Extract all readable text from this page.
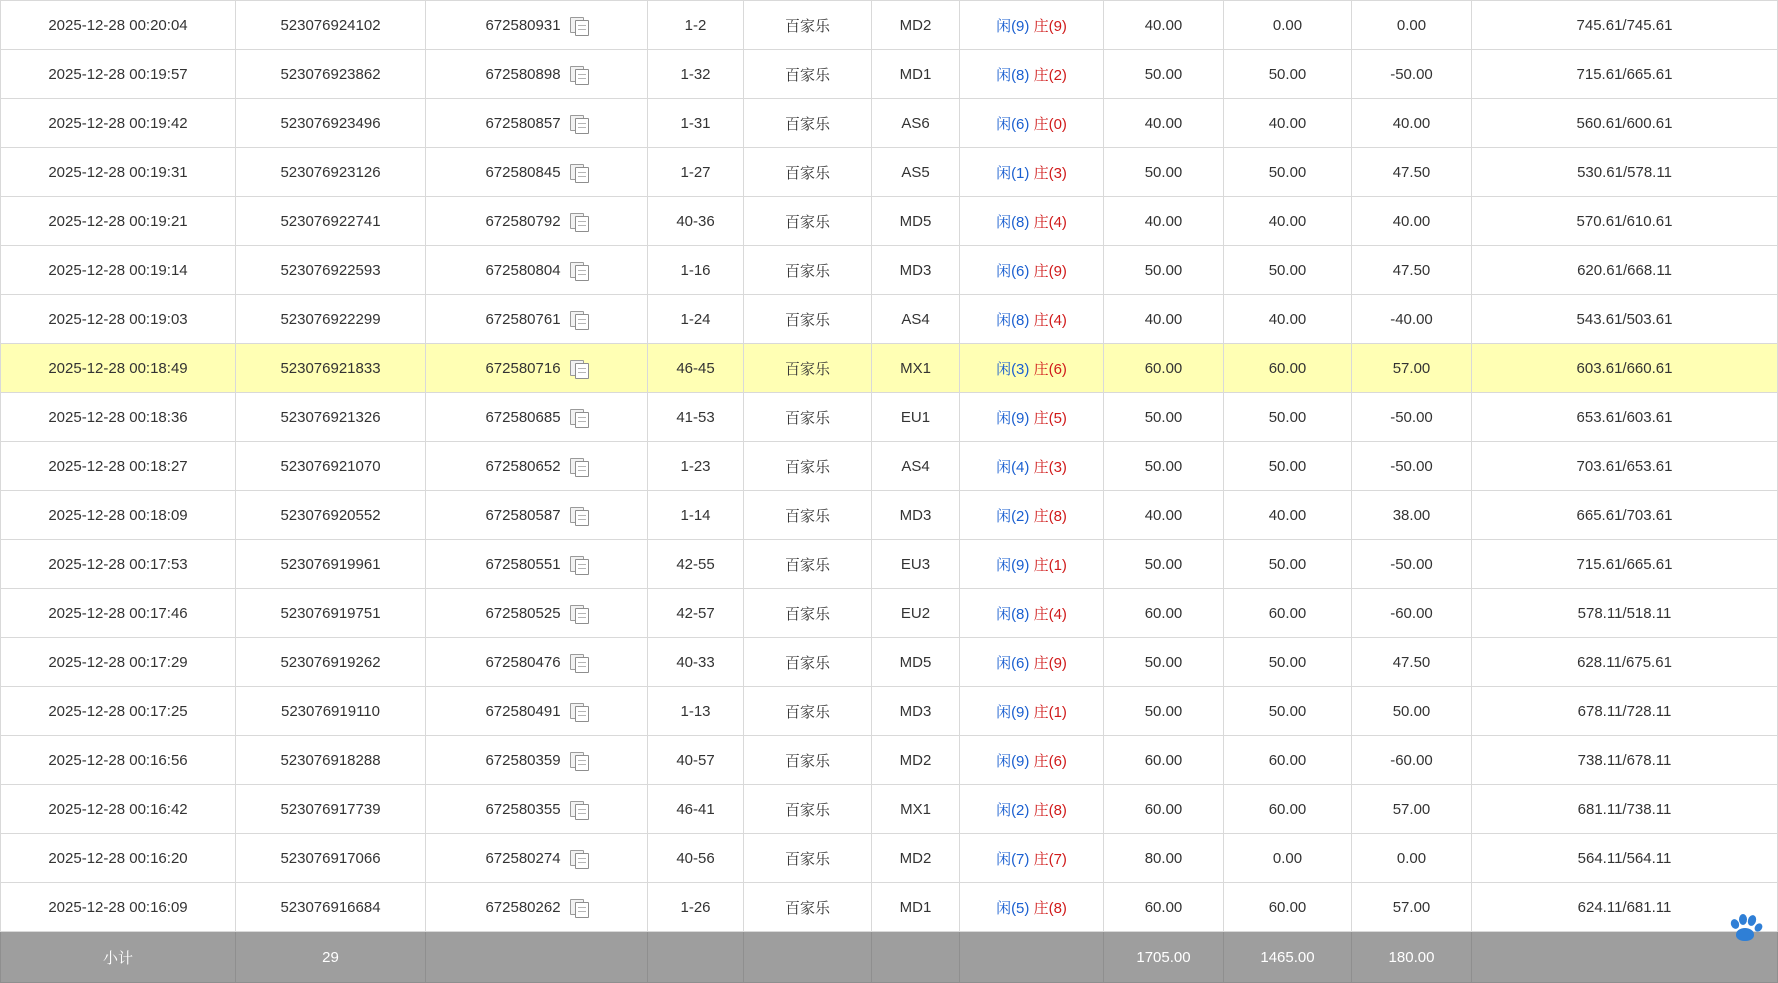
2025-12-28 00:20:04	523076924102	672580931	1-2	百家乐	MD2	闲(9) 庄(9)	40.00	0.00	0.00	745.61/745.61
2025-12-28 00:19:57	523076923862	672580898	1-32	百家乐	MD1	闲(8) 庄(2)	50.00	50.00	-50.00	715.61/665.61
2025-12-28 00:19:42	523076923496	672580857	1-31	百家乐	AS6	闲(6) 庄(0)	40.00	40.00	40.00	560.61/600.61
2025-12-28 00:19:31	523076923126	672580845	1-27	百家乐	AS5	闲(1) 庄(3)	50.00	50.00	47.50	530.61/578.11
2025-12-28 00:19:21	523076922741	672580792	40-36	百家乐	MD5	闲(8) 庄(4)	40.00	40.00	40.00	570.61/610.61
2025-12-28 00:19:14	523076922593	672580804	1-16	百家乐	MD3	闲(6) 庄(9)	50.00	50.00	47.50	620.61/668.11
2025-12-28 00:19:03	523076922299	672580761	1-24	百家乐	AS4	闲(8) 庄(4)	40.00	40.00	-40.00	543.61/503.61
2025-12-28 00:18:49	523076921833	672580716	46-45	百家乐	MX1	闲(3) 庄(6)	60.00	60.00	57.00	603.61/660.61
2025-12-28 00:18:36	523076921326	672580685	41-53	百家乐	EU1	闲(9) 庄(5)	50.00	50.00	-50.00	653.61/603.61
2025-12-28 00:18:27	523076921070	672580652	1-23	百家乐	AS4	闲(4) 庄(3)	50.00	50.00	-50.00	703.61/653.61
2025-12-28 00:18:09	523076920552	672580587	1-14	百家乐	MD3	闲(2) 庄(8)	40.00	40.00	38.00	665.61/703.61
2025-12-28 00:17:53	523076919961	672580551	42-55	百家乐	EU3	闲(9) 庄(1)	50.00	50.00	-50.00	715.61/665.61
2025-12-28 00:17:46	523076919751	672580525	42-57	百家乐	EU2	闲(8) 庄(4)	60.00	60.00	-60.00	578.11/518.11
2025-12-28 00:17:29	523076919262	672580476	40-33	百家乐	MD5	闲(6) 庄(9)	50.00	50.00	47.50	628.11/675.61
2025-12-28 00:17:25	523076919110	672580491	1-13	百家乐	MD3	闲(9) 庄(1)	50.00	50.00	50.00	678.11/728.11
2025-12-28 00:16:56	523076918288	672580359	40-57	百家乐	MD2	闲(9) 庄(6)	60.00	60.00	-60.00	738.11/678.11
2025-12-28 00:16:42	523076917739	672580355	46-41	百家乐	MX1	闲(2) 庄(8)	60.00	60.00	57.00	681.11/738.11
2025-12-28 00:16:20	523076917066	672580274	40-56	百家乐	MD2	闲(7) 庄(7)	80.00	0.00	0.00	564.11/564.11
2025-12-28 00:16:09	523076916684	672580262	1-26	百家乐	MD1	闲(5) 庄(8)	60.00	60.00	57.00	624.11/681.11
小计	29						1705.00	1465.00	180.00	
